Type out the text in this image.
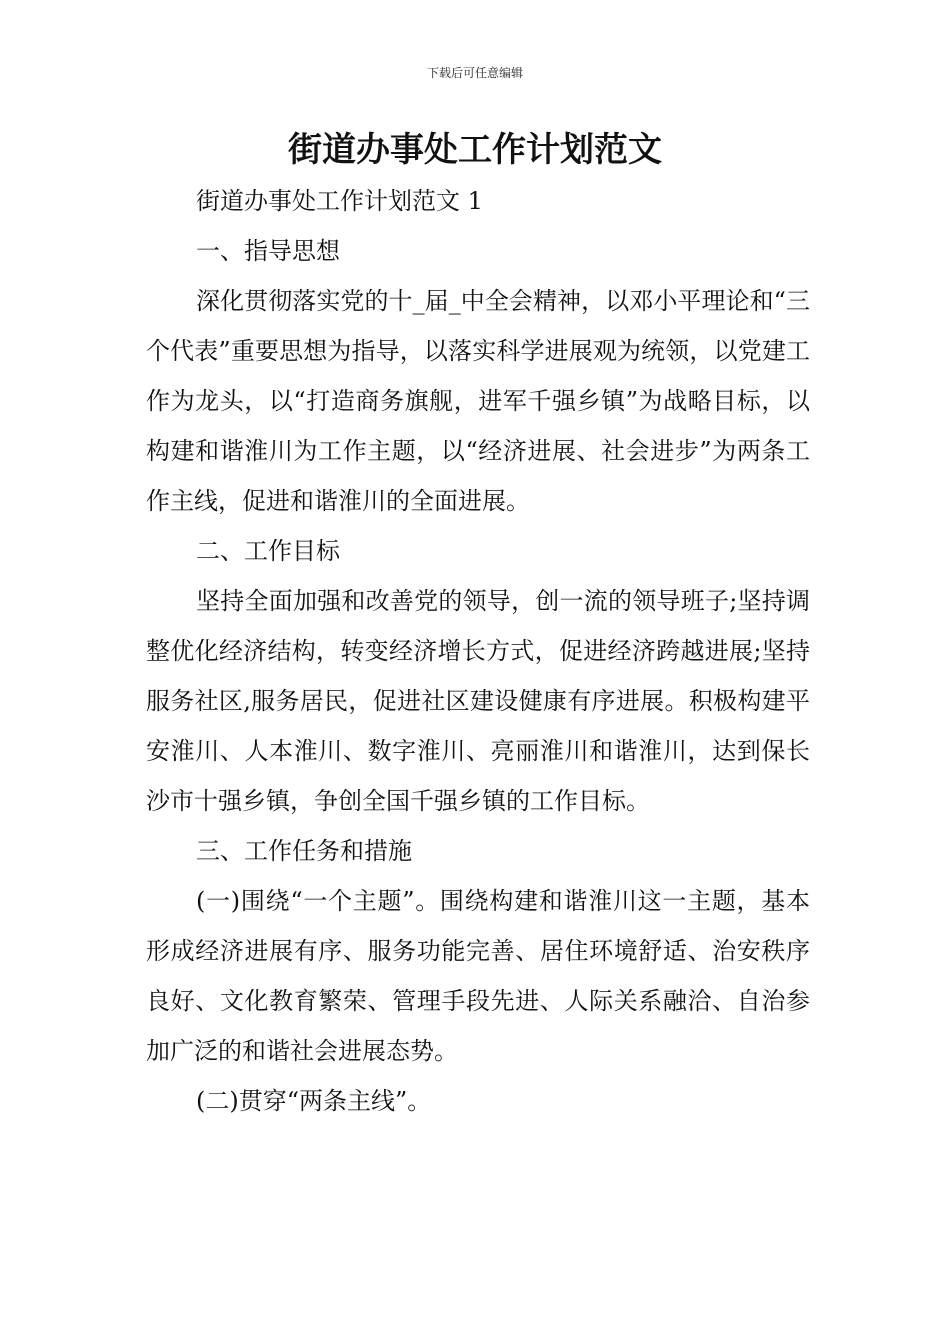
下载后可任意编辑
街道办事处工作计划范文

街道办事处工作计划范文 1

一、指导思想

深化贯彻落实党的十_届_中全会精神，以邓小平理论和“三个代表”重要思想为指导，以落实科学进展观为统领，以党建工作为龙头，以“打造商务旗舰，进军千强乡镇”为战略目标，以构建和谐淮川为工作主题，以“经济进展、社会进步”为两条工作主线，促进和谐淮川的全面进展。

二、工作目标

坚持全面加强和改善党的领导，创一流的领导班子;坚持调整优化经济结构，转变经济增长方式，促进经济跨越进展;坚持服务社区,服务居民，促进社区建设健康有序进展。积极构建平安淮川、人本淮川、数字淮川、亮丽淮川和谐淮川，达到保长沙市十强乡镇，争创全国千强乡镇的工作目标。

三、工作任务和措施

(一)围绕“一个主题”。围绕构建和谐淮川这一主题，基本形成经济进展有序、服务功能完善、居住环境舒适、治安秩序良好、文化教育繁荣、管理手段先进、人际关系融洽、自治参加广泛的和谐社会进展态势。

(二)贯穿“两条主线”。
